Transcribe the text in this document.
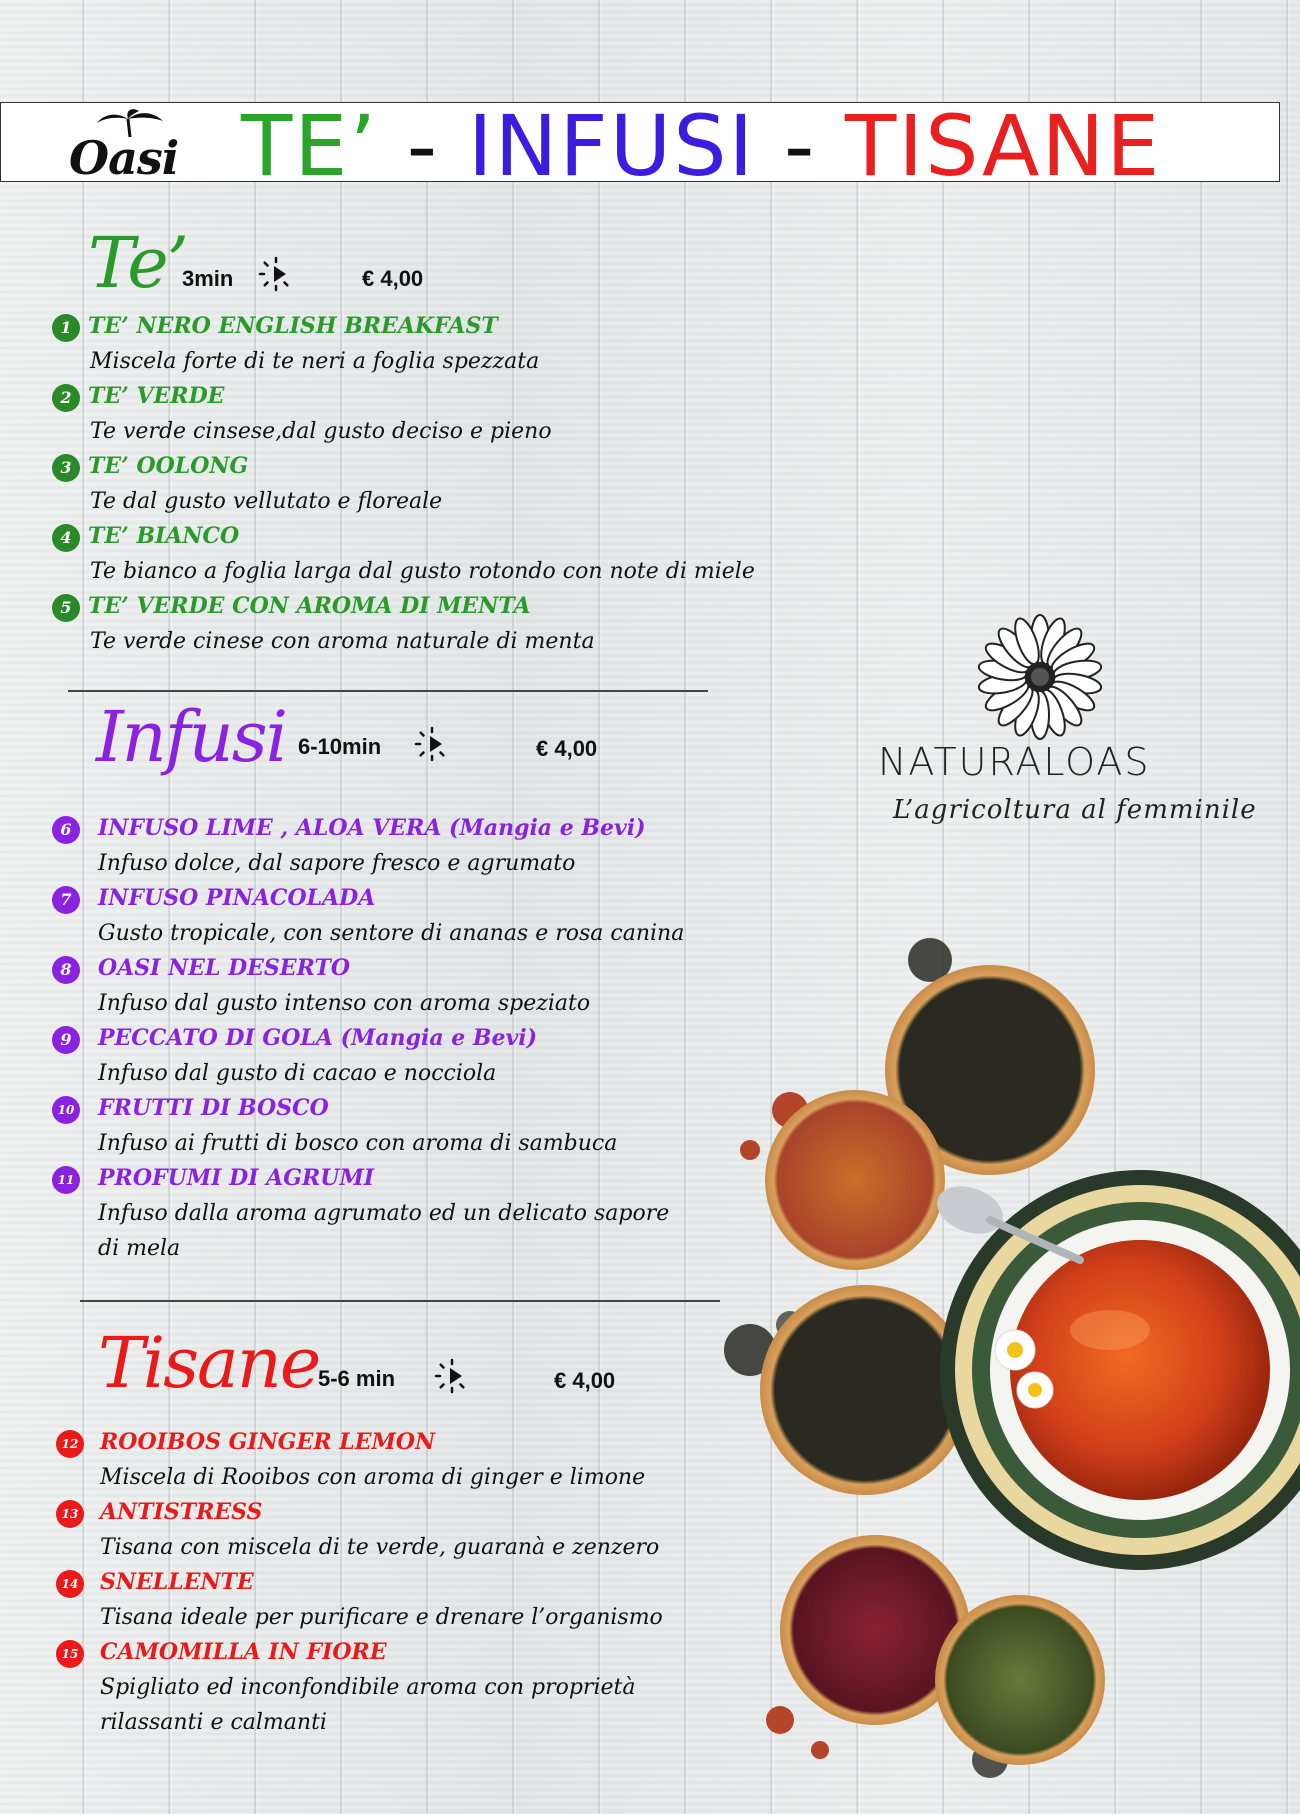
Oasi TE’ - INFUSI - TISANE
Te’
3min	€ 4,00
1 TE’ NERO ENGLISH BREAKFAST
Miscela forte di te neri a foglia spezzata
2 TE’ VERDE
Te verde cinsese,dal gusto deciso e pieno
3 TE’ OOLONG
Te dal gusto vellutato e floreale
4 TE’ BIANCO
Te bianco a foglia larga dal gusto rotondo con note di miele
5 TE’ VERDE CON AROMA DI MENTA
Te verde cinese con aroma naturale di menta
Infusi 6-10min	€ 4,00
6	INFUSO LIME , ALOA VERA (Mangia e Bevi)
Infuso dolce, dal sapore fresco e agrumato
7	INFUSO PINACOLADA
Gusto tropicale, con sentore di ananas e rosa canina
8	OASI NEL DESERTO
Infuso dal gusto intenso con aroma speziato
9	PECCATO DI GOLA (Mangia e Bevi)
Infuso dal gusto di cacao e nocciola
10 FRUTTI DI BOSCO
Infuso ai frutti di bosco con aroma di sambuca
11 PROFUMI DI AGRUMI
Infuso dalla aroma agrumato ed un delicato sapore
di mela
Tisane
5-6 min	€ 4,00
12 ROOIBOS GINGER LEMON
Miscela di Rooibos con aroma di ginger e limone
13 ANTISTRESS
Tisana con miscela di te verde, guaranà e zenzero
14 SNELLENTE
Tisana ideale per purificare e drenare l’organismo
15 CAMOMILLA IN FIORE
Spigliato ed inconfondibile aroma con proprietà
rilassanti e calmanti
NATURALOAS
L’agricoltura al femminile
